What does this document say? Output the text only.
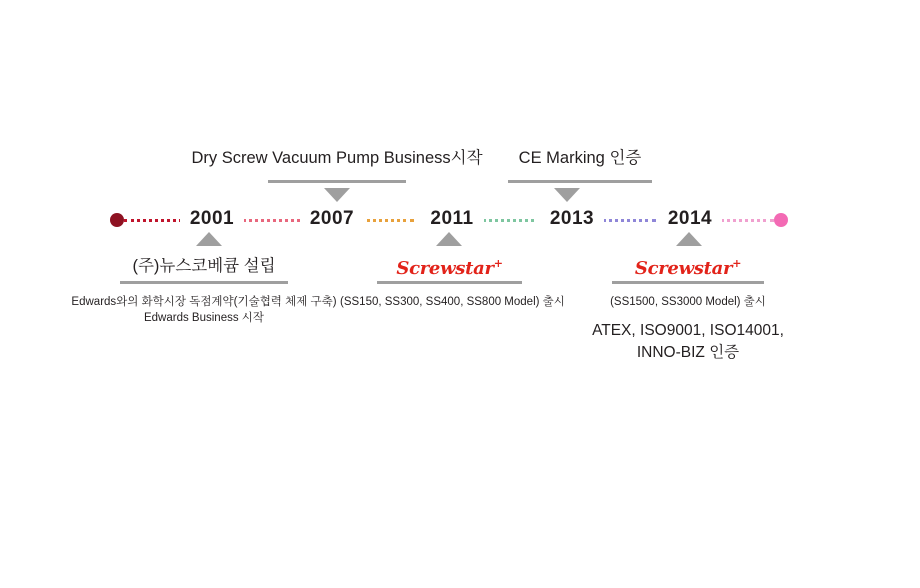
2001	2007	2011	2013	2014
Dry Screw Vacuum Pump Business시작	CE Marking 인증
(주)뉴스코베큠 설립
Edwards와의 화학시장 독점계약(기술협력 체제 구축)
Edwards Business 시작
Screwstar+
(SS150, SS300, SS400, SS800 Model) 출시
Screwstar+
(SS1500, SS3000 Model) 출시
ATEX, ISO9001, ISO14001,
INNO-BIZ 인증
